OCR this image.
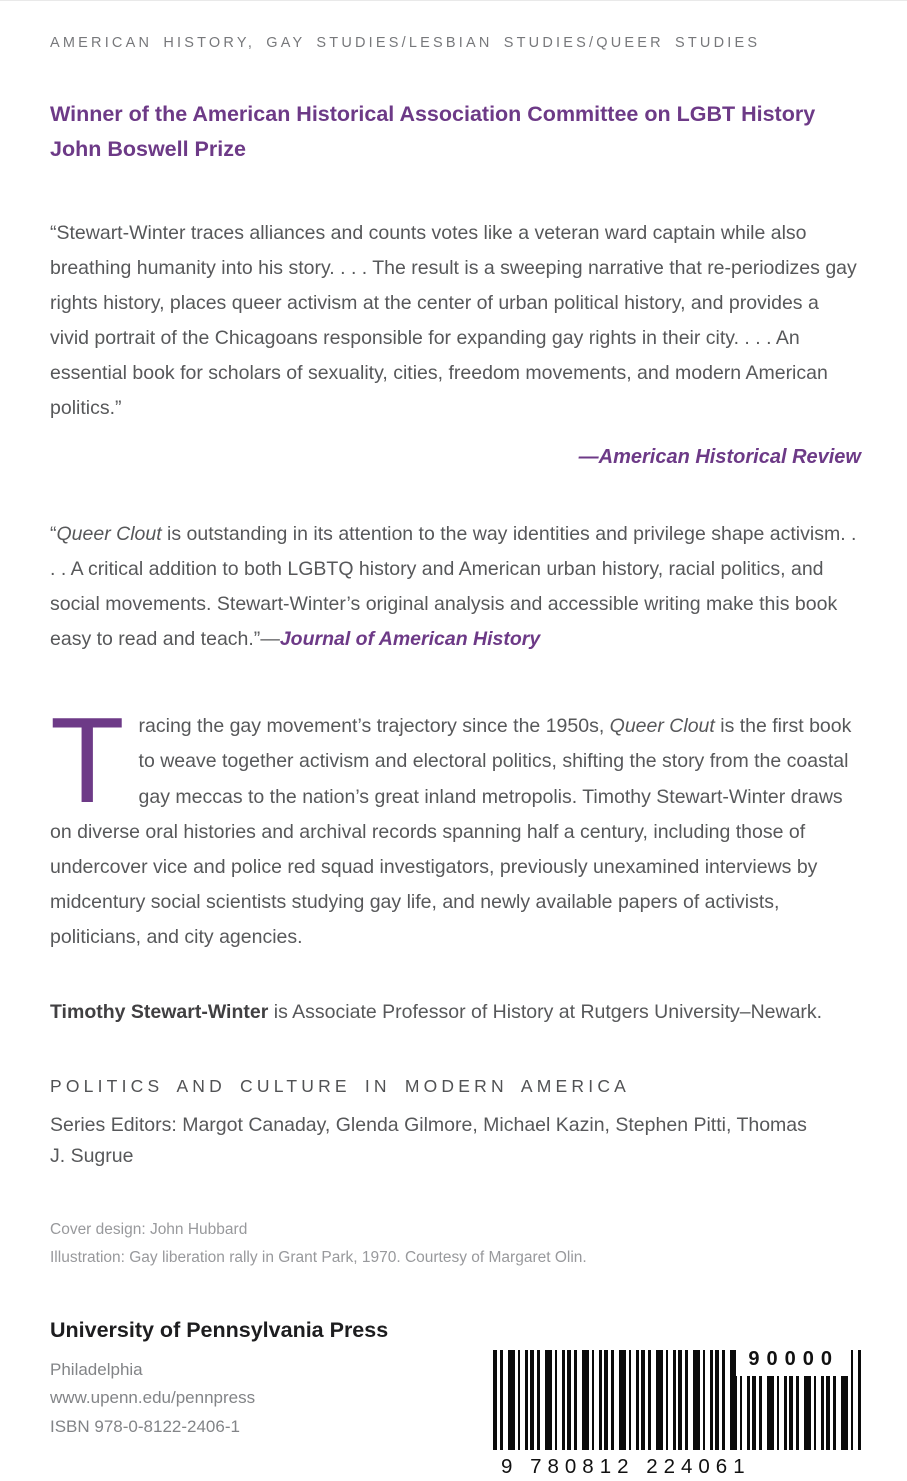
AMERICAN HISTORY, GAY STUDIES/LESBIAN STUDIES/QUEER STUDIES
Winner of the American Historical Association Committee on LGBT History
John Boswell Prize

“Stewart-Winter traces alliances and counts votes like a veteran ward captain while also breathing humanity into his story. . . . The result is a sweeping narrative that re-periodizes gay rights history, places queer activism at the center of urban political history, and provides a vivid portrait of the Chicagoans responsible for expanding gay rights in their city. . . . An essential book for scholars of sexuality, cities, freedom movements, and modern American politics.”

—American Historical Review

“Queer Clout is outstanding in its attention to the way identities and privilege shape activism. . . . A critical addition to both LGBTQ history and American urban history, racial politics, and social movements. Stewart-Winter’s original analysis and accessible writing make this book easy to read and teach.”—Journal of American History

Tracing the gay movement’s trajectory since the 1950s, Queer Clout is the first book to weave together activism and electoral politics, shifting the story from the coastal gay meccas to the nation’s great inland metropolis. Timothy Stewart-Winter draws on diverse oral histories and archival records spanning half a century, including those of undercover vice and police red squad investigators, previously unexamined interviews by midcentury social scientists studying gay life, and newly available papers of activists, politicians, and city agencies.

Timothy Stewart-Winter is Associate Professor of History at Rutgers University–Newark.

POLITICS AND CULTURE IN MODERN AMERICA
Series Editors: Margot Canaday, Glenda Gilmore, Michael Kazin, Stephen Pitti, Thomas J. Sugrue
Cover design: John Hubbard
Illustration: Gay liberation rally in Grant Park, 1970. Courtesy of Margaret Olin.
University of Pennsylvania Press
Philadelphia
www.upenn.edu/pennpress
ISBN 978-0-8122-2406-1
90000
9 780812 224061
